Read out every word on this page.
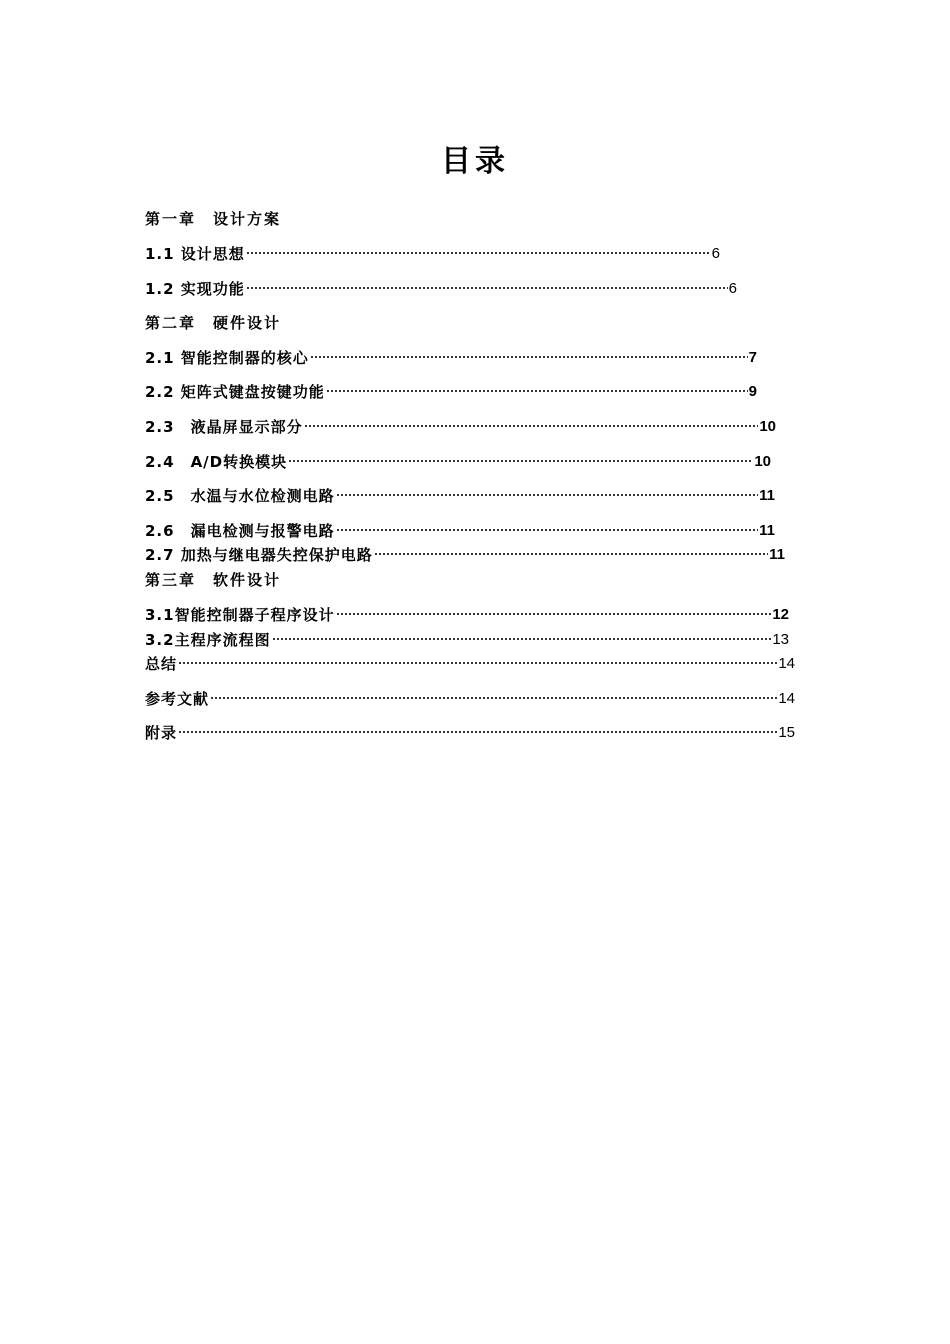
目录
第一章　设计方案
1.1 设计思想	6
1.2 实现功能	6
第二章　硬件设计
2.1 智能控制器的核心	7
2.2 矩阵式键盘按键功能	9
2.3　液晶屏显示部分	10
2.4　A/D转换模块	10
2.5　水温与水位检测电路	11
2.6　漏电检测与报警电路	11
2.7 加热与继电器失控保护电路	11
第三章　软件设计
3.1智能控制器子程序设计	12
3.2主程序流程图	13
总结	14
参考文献	14
附录	15
